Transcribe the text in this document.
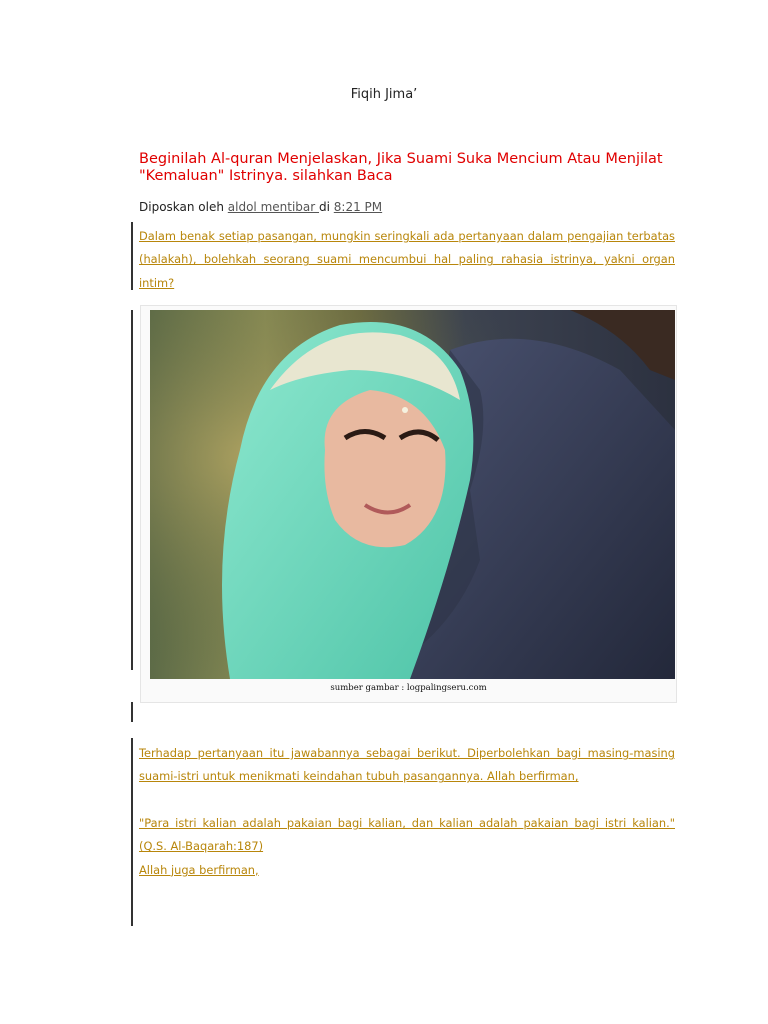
Fiqih Jima’
Beginilah Al-quran Menjelaskan, Jika Suami Suka Mencium Atau Menjilat "Kemaluan" Istrinya. silahkan Baca
Diposkan oleh aldol mentibar di 8:21 PM

Dalam benak setiap pasangan, mungkin seringkali ada pertanyaan dalam pengajian terbatas (halakah), bolehkah seorang suami mencumbui hal paling rahasia istrinya, yakni organ intim?

sumber gambar : logpalingseru.com

Terhadap pertanyaan itu jawabannya sebagai berikut. Diperbolehkan bagi masing-masing suami-istri untuk menikmati keindahan tubuh pasangannya. Allah berfirman,

"Para istri kalian adalah pakaian bagi kalian, dan kalian adalah pakaian bagi istri kalian." (Q.S. Al-Baqarah:187)

Allah juga berfirman,
